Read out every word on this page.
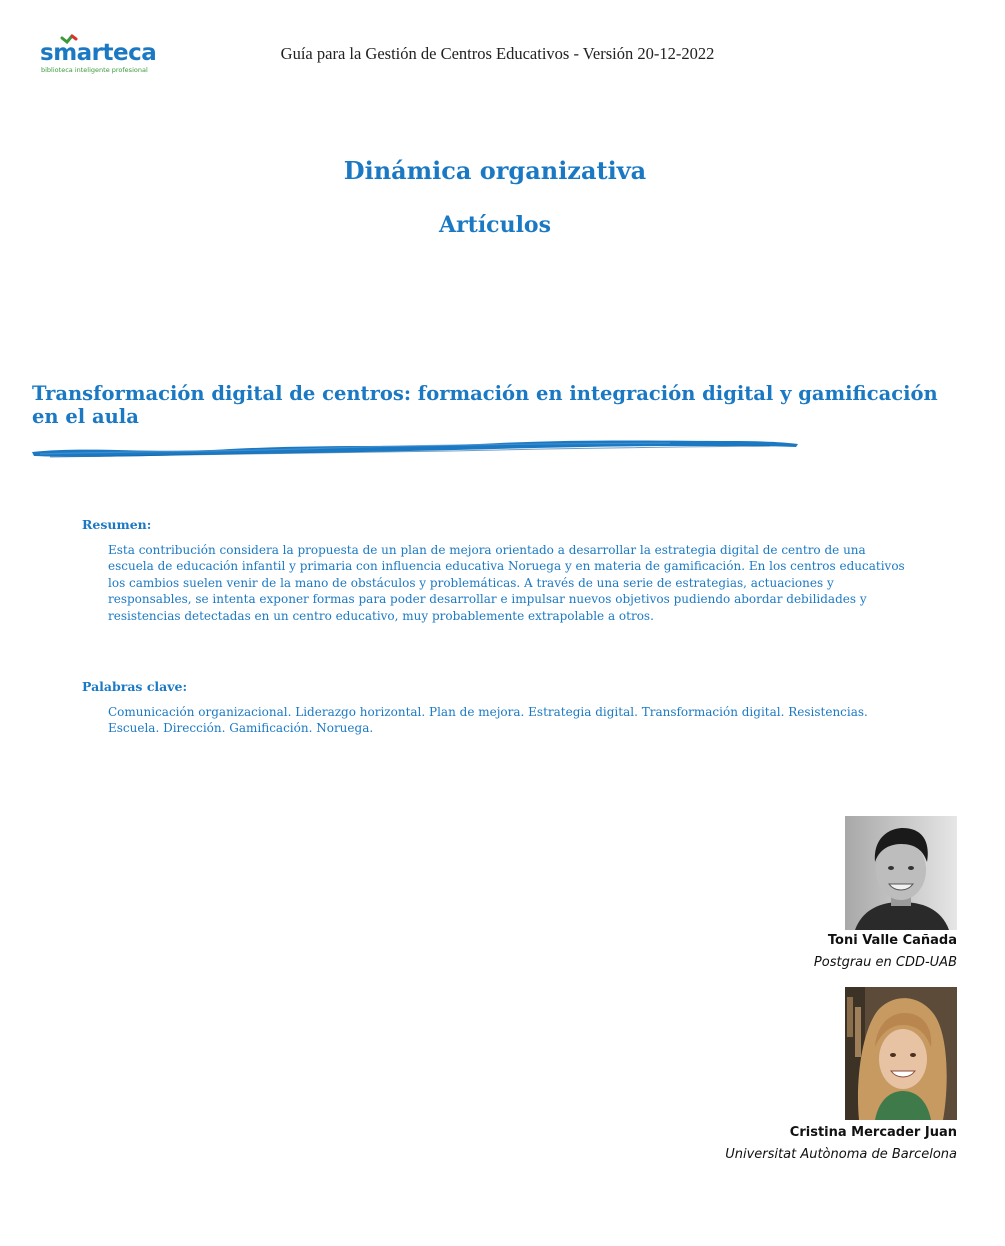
smarteca
biblioteca inteligente profesional
Guía para la Gestión de Centros Educativos - Versión 20-12-2022
Dinámica organizativa
Artículos
Transformación digital de centros: formación en integración digital y gamificación en el aula
Resumen:
Esta contribución considera la propuesta de un plan de mejora orientado a desarrollar la estrategia digital de centro de una escuela de educación infantil y primaria con influencia educativa Noruega y en materia de gamificación. En los centros educativos los cambios suelen venir de la mano de obstáculos y problemáticas. A través de una serie de estrategias, actuaciones y responsables, se intenta exponer formas para poder desarrollar e impulsar nuevos objetivos pudiendo abordar debilidades y resistencias detectadas en un centro educativo, muy probablemente extrapolable a otros.
Palabras clave:
Comunicación organizacional. Liderazgo horizontal. Plan de mejora. Estrategia digital. Transformación digital. Resistencias. Escuela. Dirección. Gamificación. Noruega.
Toni Valle Cañada
Postgrau en CDD-UAB
Cristina Mercader Juan
Universitat Autònoma de Barcelona
